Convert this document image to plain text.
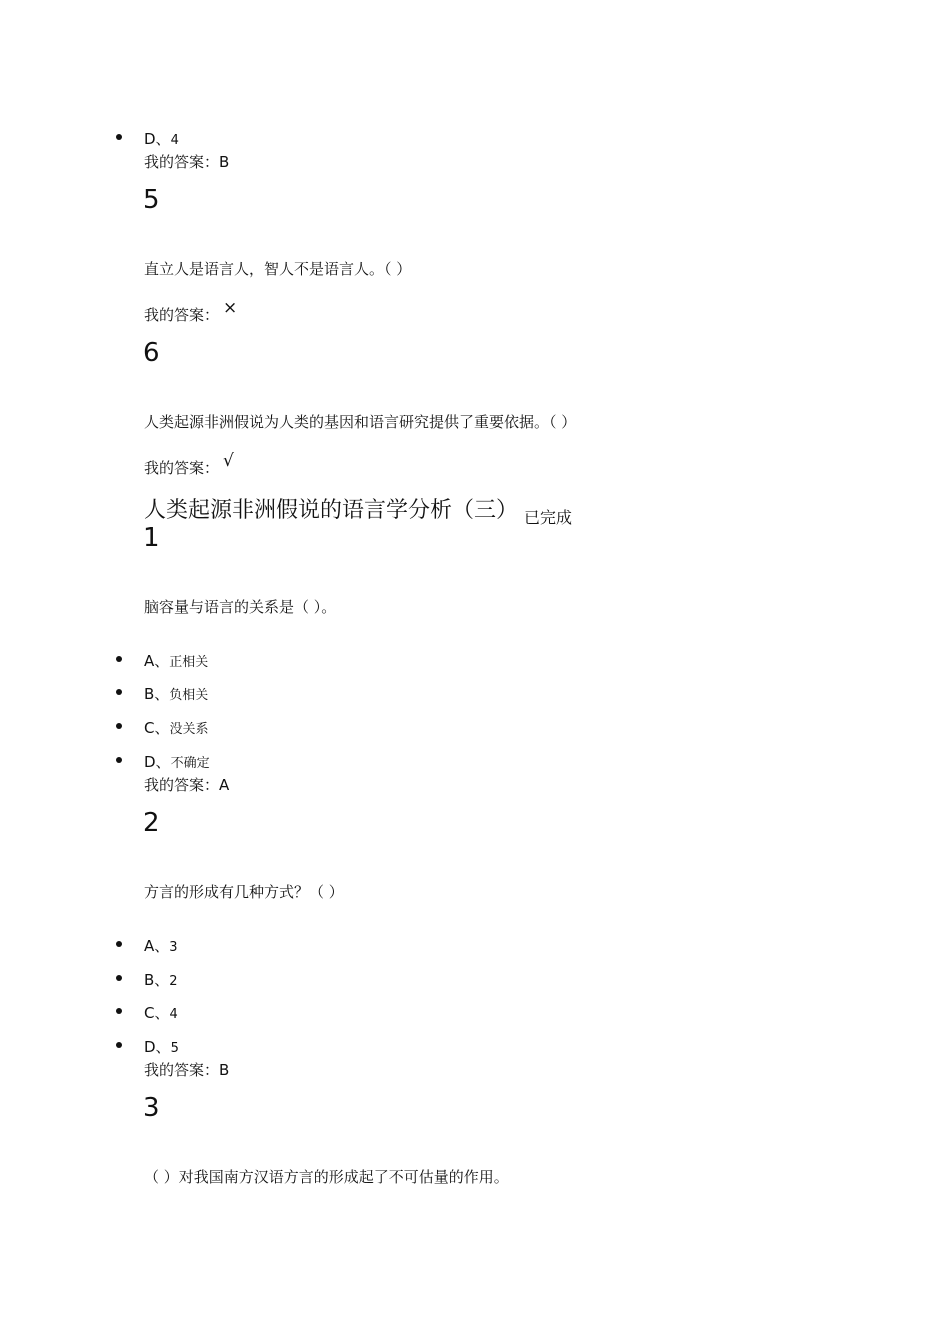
D、4
我的答案：B
5
直立人是语言人，智人不是语言人。（ ）
我的答案： ×
6
人类起源非洲假说为人类的基因和语言研究提供了重要依据。（ ）
我的答案： √
人类起源非洲假说的语言学分析（三） 已完成
1
脑容量与语言的关系是（ ）。
A、正相关
B、负相关
C、没关系
D、不确定
我的答案：A
2
方言的形成有几种方式？（ ）
A、3
B、2
C、4
D、5
我的答案：B
3
（ ）对我国南方汉语方言的形成起了不可估量的作用。
